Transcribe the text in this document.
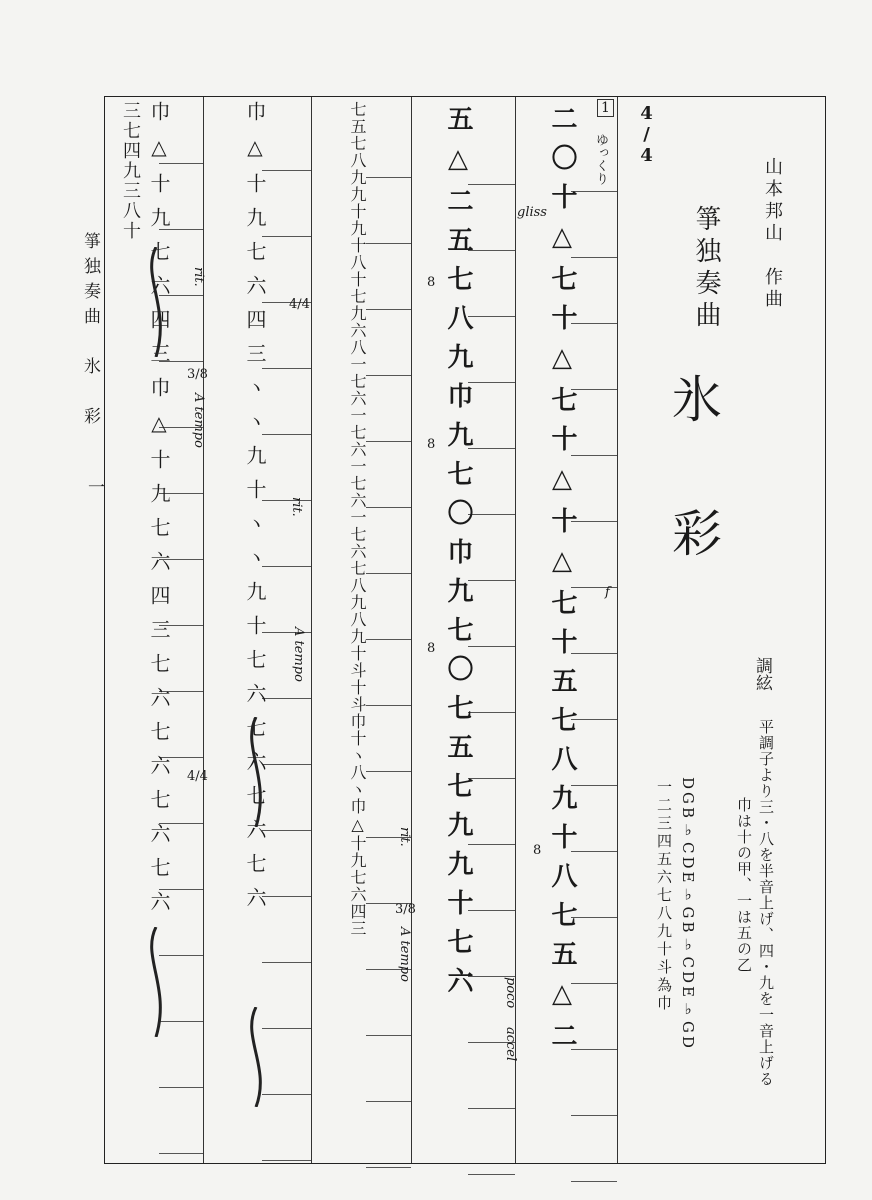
箏独奏曲　氷　彩
一
4/4
山本邦山　作曲
箏独奏曲
氷
彩
調絃
平調子より三・八を半音上げ、四・九を一音上げる
巾は十の甲、一は五の乙
DGB♭CDE♭GB♭CDE♭GD
一二三四五六七八九十斗為巾
1
二〇十△七十△七十△十△七十五七八九十八七五△二
五△二五七八九巾九七〇巾九七〇七五七九九十七六
七五七八九九十九十八十七九六八一七六一七六一七六一七六七八九八九十斗十斗巾十ヽ八ヽ巾△十九七六四三
巾△十九七六四三ヽヽ九十ヽヽ九十七六七六七六七六
巾△十九七六四三巾△十九七六四三七六七六七六七六
三七四九三八十	ゆっくり
gliss
f
poco
accel
rit.
rit.
rit.
A tempo
A tempo
A tempo
4/4
3/8
4/4
3/8
8
8
8
8
